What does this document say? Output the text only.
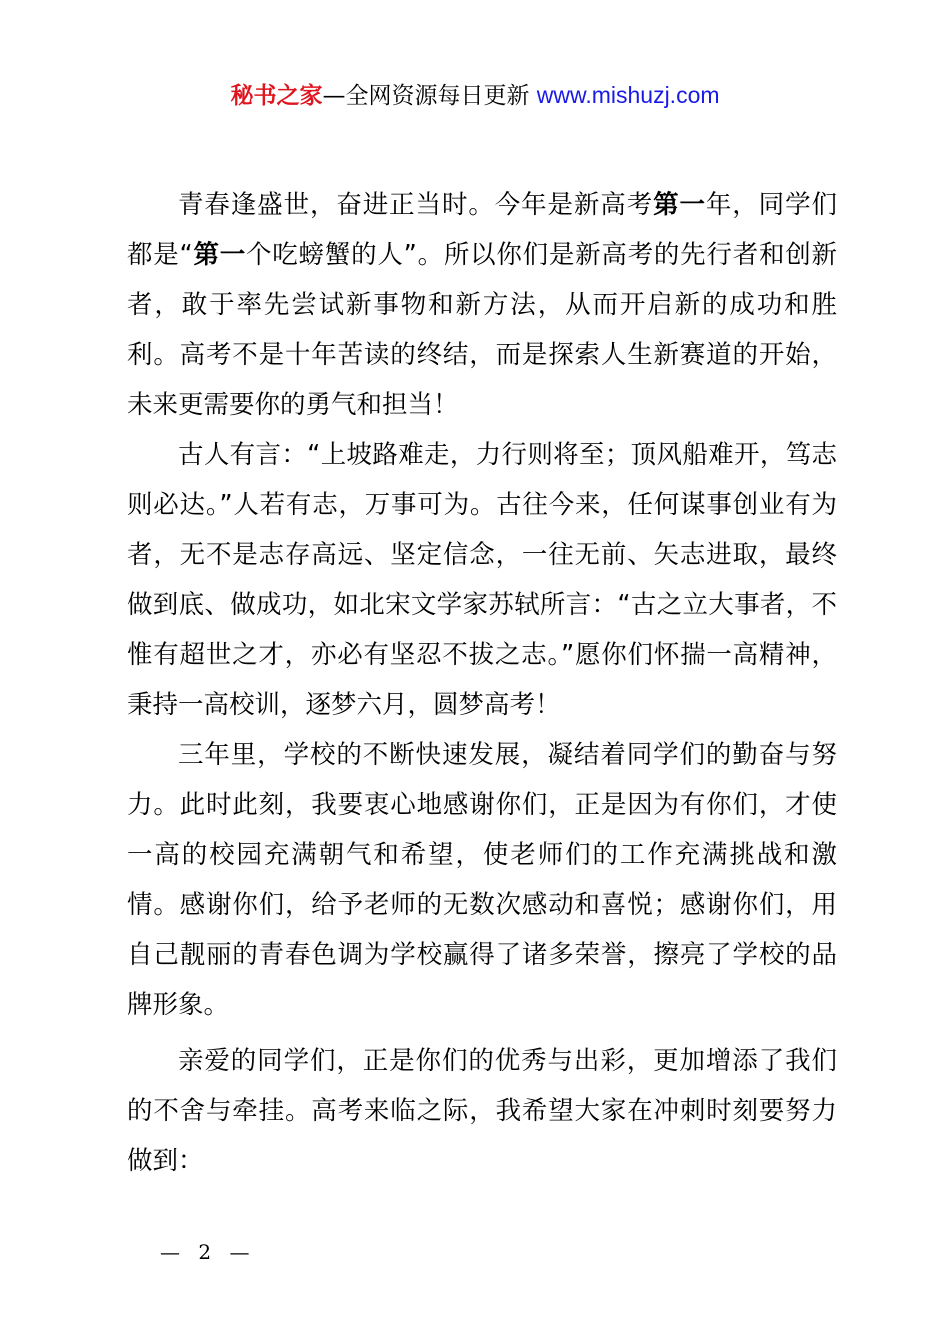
秘书之家—全网资源每日更新 www.mishuzj.com

青春逢盛世，奋进正当时。今年是新高考第一年，同学们都是“第一个吃螃蟹的人”。所以你们是新高考的先行者和创新者，敢于率先尝试新事物和新方法，从而开启新的成功和胜利。高考不是十年苦读的终结，而是探索人生新赛道的开始，未来更需要你的勇气和担当！

古人有言：“上坡路难走，力行则将至；顶风船难开，笃志则必达。”人若有志，万事可为。古往今来，任何谋事创业有为者，无不是志存高远、坚定信念，一往无前、矢志进取，最终做到底、做成功，如北宋文学家苏轼所言：“古之立大事者，不惟有超世之才，亦必有坚忍不拔之志。”愿你们怀揣一高精神，秉持一高校训，逐梦六月，圆梦高考！

三年里，学校的不断快速发展，凝结着同学们的勤奋与努力。此时此刻，我要衷心地感谢你们，正是因为有你们，才使一高的校园充满朝气和希望，使老师们的工作充满挑战和激情。感谢你们，给予老师的无数次感动和喜悦；感谢你们，用自己靓丽的青春色调为学校赢得了诸多荣誉，擦亮了学校的品牌形象。

亲爱的同学们，正是你们的优秀与出彩，更加增添了我们的不舍与牵挂。高考来临之际，我希望大家在冲刺时刻要努力做到：

— 2 —
